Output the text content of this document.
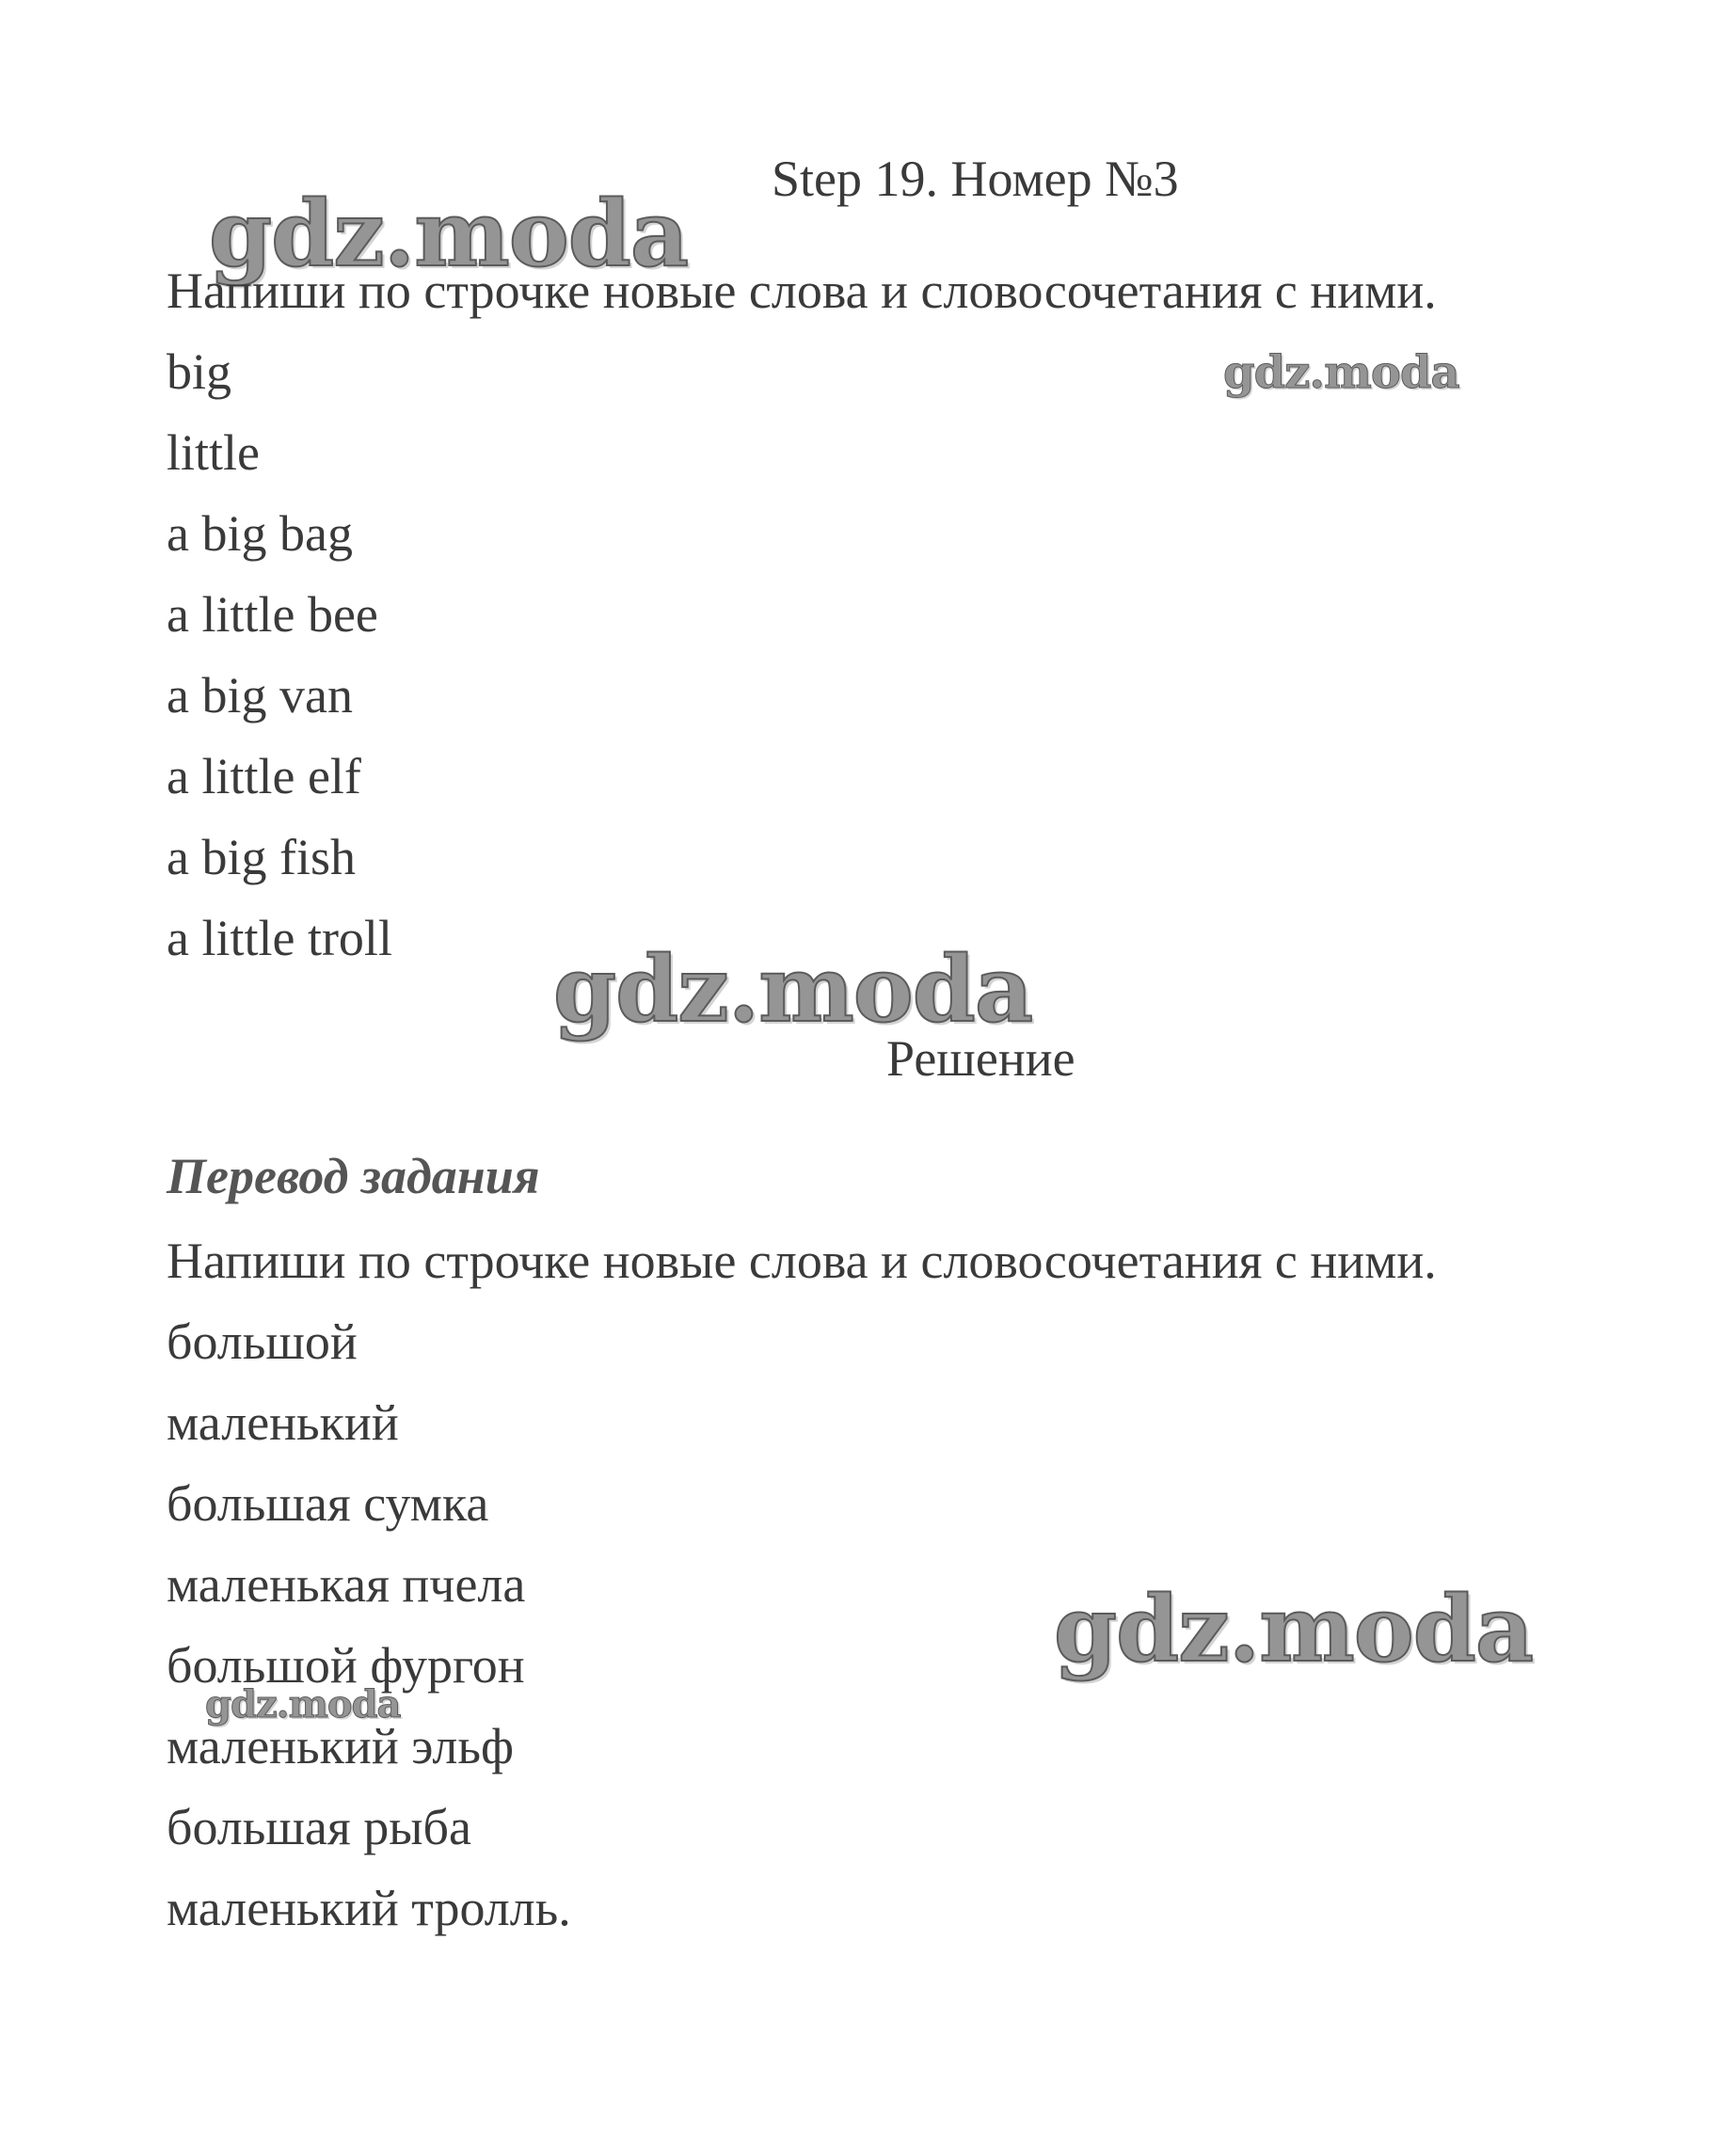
Step 19. Номер №3
gdz.moda
gdz.moda
Напиши по строчке новые слова и словосочетания с ними.
big
little
a big bag
a little bee
a big van
a little elf
a big fish
a little troll	gdz.moda
Решение
Перевод задания
Напиши по строчке новые слова и словосочетания с ними.
большой
маленький
большая сумка
маленькая пчела
большой фургон
маленький эльф
большая рыба
маленький тролль.
gdz.moda
gdz.moda
